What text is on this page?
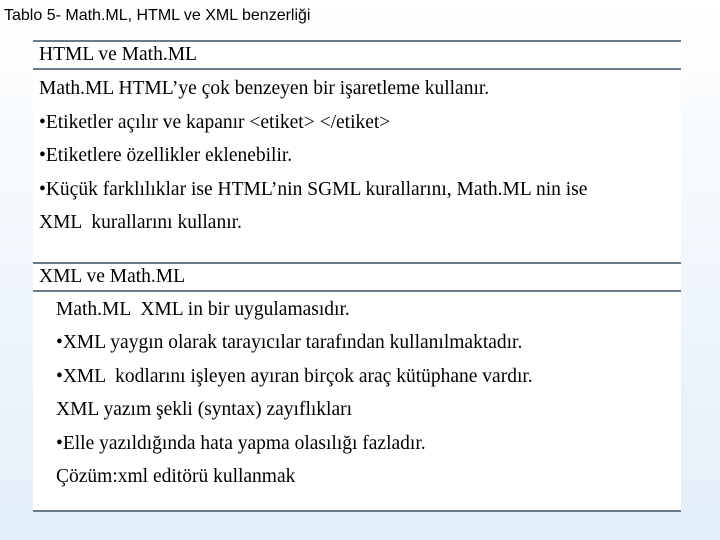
Tablo 5- Math.ML, HTML ve XML benzerliği
HTML ve Math.ML
Math.ML HTML’ye çok benzeyen bir işaretleme kullanır.
•Etiketler açılır ve kapanır <etiket> </etiket>
•Etiketlere özellikler eklenebilir.
•Küçük farklılıklar ise HTML’nin SGML kurallarını, Math.ML nin ise
XML  kurallarını kullanır.
XML ve Math.ML
Math.ML  XML in bir uygulamasıdır.
•XML yaygın olarak tarayıcılar tarafından kullanılmaktadır.
•XML  kodlarını işleyen ayıran birçok araç kütüphane vardır.
XML yazım şekli (syntax) zayıflıkları
•Elle yazıldığında hata yapma olasılığı fazladır.
Çözüm:xml editörü kullanmak
